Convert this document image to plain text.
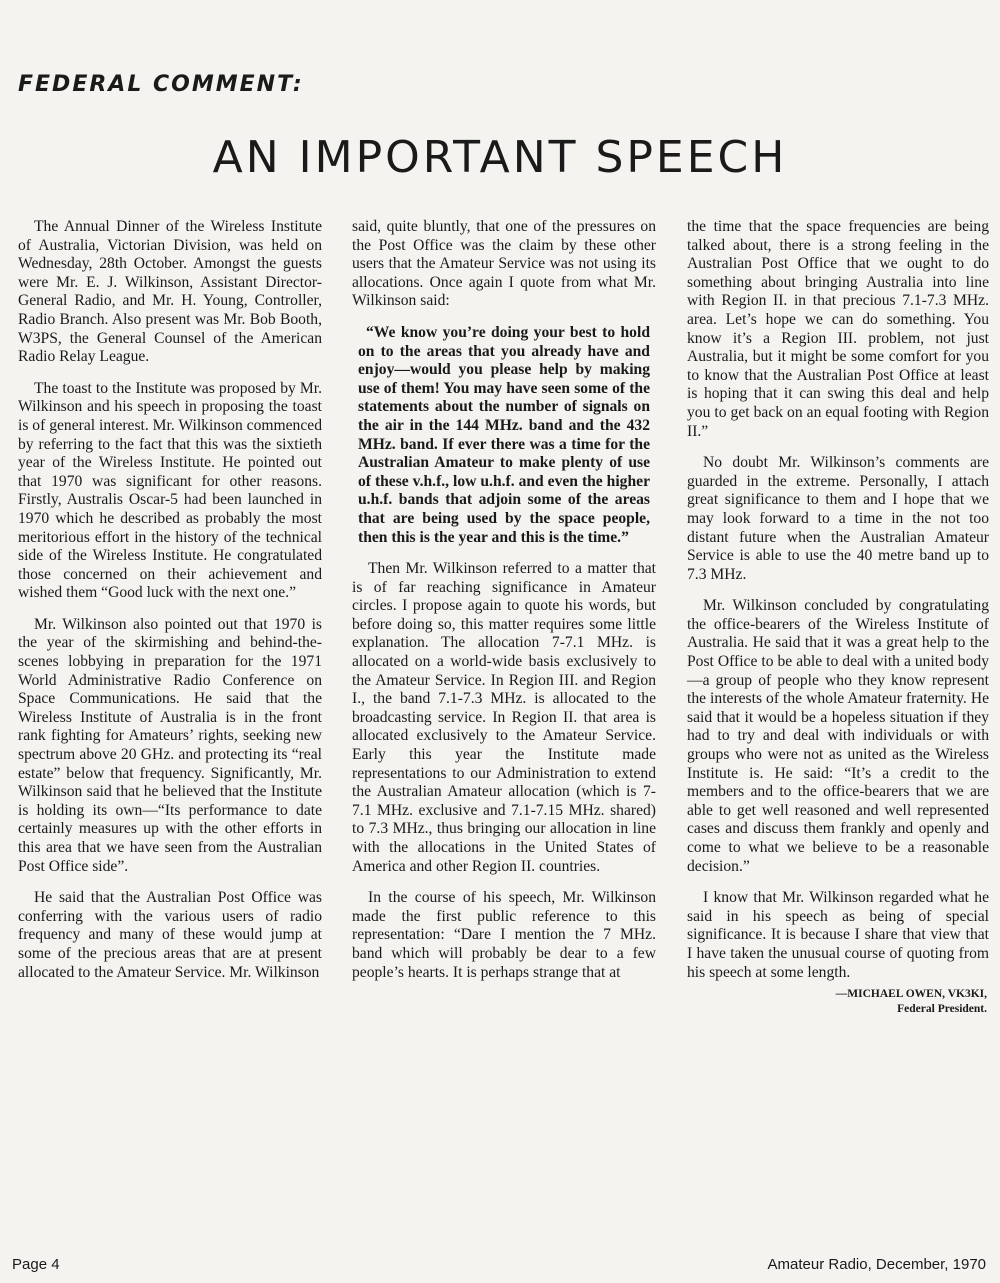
FEDERAL COMMENT:
AN IMPORTANT SPEECH

The Annual Dinner of the Wireless Institute of Australia, Victorian Division, was held on Wednesday, 28th October. Amongst the guests were Mr. E. J. Wilkinson, Assistant Director-General Radio, and Mr. H. Young, Controller, Radio Branch. Also present was Mr. Bob Booth, W3PS, the General Counsel of the American Radio Relay League.

The toast to the Institute was proposed by Mr. Wilkinson and his speech in proposing the toast is of general interest. Mr. Wilkinson commenced by referring to the fact that this was the sixtieth year of the Wireless Institute. He pointed out that 1970 was significant for other reasons. Firstly, Australis Oscar-5 had been launched in 1970 which he described as probably the most meritorious effort in the history of the technical side of the Wireless Institute. He congratulated those concerned on their achievement and wished them “Good luck with the next one.”

Mr. Wilkinson also pointed out that 1970 is the year of the skirmishing and behind-the-scenes lobbying in preparation for the 1971 World Administrative Radio Conference on Space Communications. He said that the Wireless Institute of Australia is in the front rank fighting for Amateurs’ rights, seeking new spectrum above 20 GHz. and protecting its “real estate” below that frequency. Significantly, Mr. Wilkinson said that he believed that the Institute is holding its own—“Its performance to date certainly measures up with the other efforts in this area that we have seen from the Australian Post Office side”.

He said that the Australian Post Office was conferring with the various users of radio frequency and many of these would jump at some of the precious areas that are at present allocated to the Amateur Service. Mr. Wilkinson

said, quite bluntly, that one of the pressures on the Post Office was the claim by these other users that the Amateur Service was not using its allocations. Once again I quote from what Mr. Wilkinson said:

“We know you’re doing your best to hold on to the areas that you already have and enjoy—would you please help by making use of them! You may have seen some of the statements about the number of signals on the air in the 144 MHz. band and the 432 MHz. band. If ever there was a time for the Australian Amateur to make plenty of use of these v.h.f., low u.h.f. and even the higher u.h.f. bands that adjoin some of the areas that are being used by the space people, then this is the year and this is the time.”

Then Mr. Wilkinson referred to a matter that is of far reaching significance in Amateur circles. I propose again to quote his words, but before doing so, this matter requires some little explanation. The allocation 7-7.1 MHz. is allocated on a world-wide basis exclusively to the Amateur Service. In Region III. and Region I., the band 7.1-7.3 MHz. is allocated to the broadcasting service. In Region II. that area is allocated exclusively to the Amateur Service. Early this year the Institute made representations to our Administration to extend the Australian Amateur allocation (which is 7-7.1 MHz. exclusive and 7.1-7.15 MHz. shared) to 7.3 MHz., thus bringing our allocation in line with the allocations in the United States of America and other Region II. countries.

In the course of his speech, Mr. Wilkinson made the first public reference to this representation: “Dare I mention the 7 MHz. band which will probably be dear to a few people’s hearts. It is perhaps strange that at

the time that the space frequencies are being talked about, there is a strong feeling in the Australian Post Office that we ought to do something about bringing Australia into line with Region II. in that precious 7.1-7.3 MHz. area. Let’s hope we can do something. You know it’s a Region III. problem, not just Australia, but it might be some comfort for you to know that the Australian Post Office at least is hoping that it can swing this deal and help you to get back on an equal footing with Region II.”

No doubt Mr. Wilkinson’s comments are guarded in the extreme. Personally, I attach great significance to them and I hope that we may look forward to a time in the not too distant future when the Australian Amateur Service is able to use the 40 metre band up to 7.3 MHz.

Mr. Wilkinson concluded by congratulating the office-bearers of the Wireless Institute of Australia. He said that it was a great help to the Post Office to be able to deal with a united body—a group of people who they know represent the interests of the whole Amateur fraternity. He said that it would be a hopeless situation if they had to try and deal with individuals or with groups who were not as united as the Wireless Institute is. He said: “It’s a credit to the members and to the office-bearers that we are able to get well reasoned and well represented cases and discuss them frankly and openly and come to what we believe to be a reasonable decision.”

I know that Mr. Wilkinson regarded what he said in his speech as being of special significance. It is because I share that view that I have taken the unusual course of quoting from his speech at some length.

—MICHAEL OWEN, VK3KI,
Federal President.
Page 4	Amateur Radio, December, 1970
